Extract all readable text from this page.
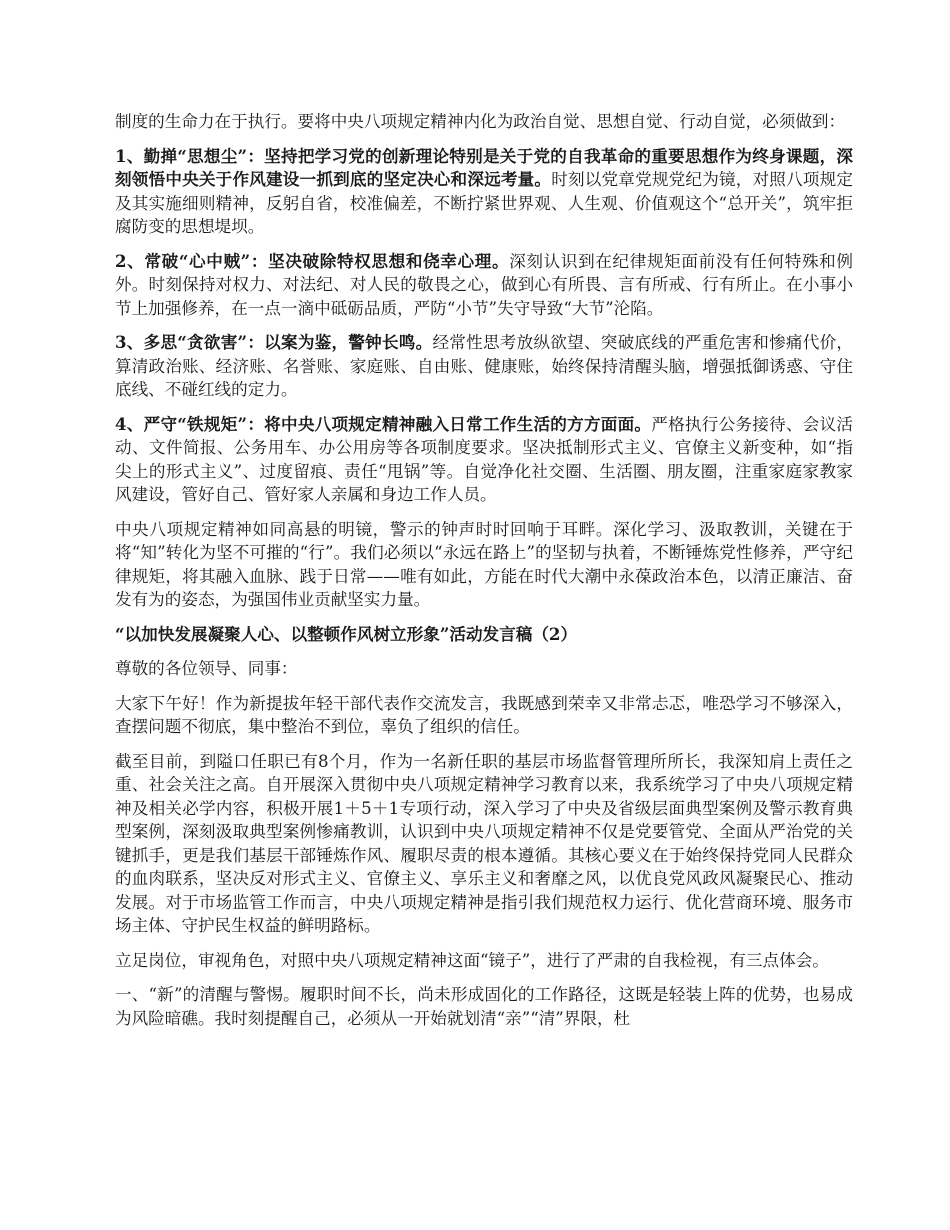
制度的生命力在于执行。要将中央八项规定精神内化为政治自觉、思想自觉、行动自觉，必须做到：

1、勤掸“思想尘”：坚持把学习党的创新理论特别是关于党的自我革命的重要思想作为终身课题，深刻领悟中央关于作风建设一抓到底的坚定决心和深远考量。时刻以党章党规党纪为镜，对照八项规定及其实施细则精神，反躬自省，校准偏差，不断拧紧世界观、人生观、价值观这个“总开关”，筑牢拒腐防变的思想堤坝。

2、常破“心中贼”：坚决破除特权思想和侥幸心理。深刻认识到在纪律规矩面前没有任何特殊和例外。时刻保持对权力、对法纪、对人民的敬畏之心，做到心有所畏、言有所戒、行有所止。在小事小节上加强修养，在一点一滴中砥砺品质，严防“小节”失守导致“大节”沦陷。

3、多思“贪欲害”：以案为鉴，警钟长鸣。经常性思考放纵欲望、突破底线的严重危害和惨痛代价，算清政治账、经济账、名誉账、家庭账、自由账、健康账，始终保持清醒头脑，增强抵御诱惑、守住底线、不碰红线的定力。

4、严守“铁规矩”：将中央八项规定精神融入日常工作生活的方方面面。严格执行公务接待、会议活动、文件简报、公务用车、办公用房等各项制度要求。坚决抵制形式主义、官僚主义新变种，如“指尖上的形式主义”、过度留痕、责任“甩锅”等。自觉净化社交圈、生活圈、朋友圈，注重家庭家教家风建设，管好自己、管好家人亲属和身边工作人员。

中央八项规定精神如同高悬的明镜，警示的钟声时时回响于耳畔。深化学习、汲取教训，关键在于将“知”转化为坚不可摧的“行”。我们必须以“永远在路上”的坚韧与执着，不断锤炼党性修养，严守纪律规矩，将其融入血脉、践于日常——唯有如此，方能在时代大潮中永葆政治本色，以清正廉洁、奋发有为的姿态，为强国伟业贡献坚实力量。

“以加快发展凝聚人心、以整顿作风树立形象”活动发言稿（2）

尊敬的各位领导、同事：

大家下午好！作为新提拔年轻干部代表作交流发言，我既感到荣幸又非常忐忑，唯恐学习不够深入，查摆问题不彻底，集中整治不到位，辜负了组织的信任。

截至目前，到隘口任职已有8个月，作为一名新任职的基层市场监督管理所所长，我深知肩上责任之重、社会关注之高。自开展深入贯彻中央八项规定精神学习教育以来，我系统学习了中央八项规定精神及相关必学内容，积极开展1＋5＋1专项行动，深入学习了中央及省级层面典型案例及警示教育典型案例，深刻汲取典型案例惨痛教训，认识到中央八项规定精神不仅是党要管党、全面从严治党的关键抓手，更是我们基层干部锤炼作风、履职尽责的根本遵循。其核心要义在于始终保持党同人民群众的血肉联系，坚决反对形式主义、官僚主义、享乐主义和奢靡之风，以优良党风政风凝聚民心、推动发展。对于市场监管工作而言，中央八项规定精神是指引我们规范权力运行、优化营商环境、服务市场主体、守护民生权益的鲜明路标。

立足岗位，审视角色，对照中央八项规定精神这面“镜子”，进行了严肃的自我检视，有三点体会。

一、“新”的清醒与警惕。履职时间不长，尚未形成固化的工作路径，这既是轻装上阵的优势，也易成为风险暗礁。我时刻提醒自己，必须从一开始就划清“亲”“清”界限，杜
